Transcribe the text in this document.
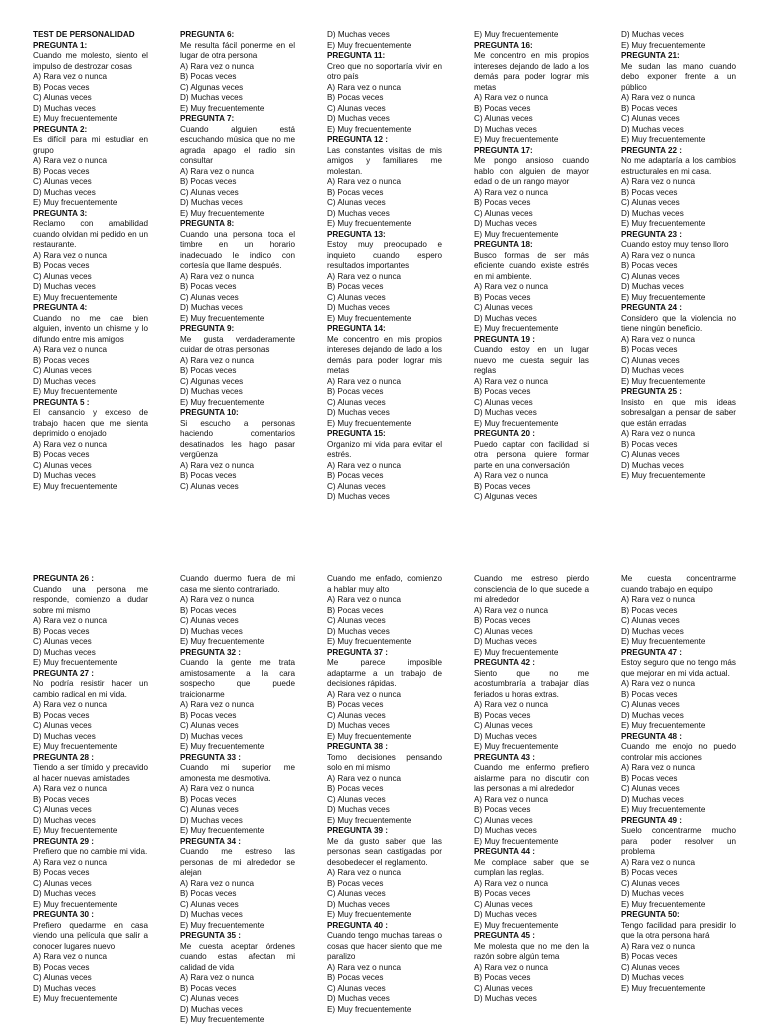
TEST DE PERSONALIDAD
PREGUNTA 1:
Cuando me molesto, siento el impulso de destrozar cosas
A) Rara vez o nunca
B) Pocas veces
C) Alunas veces
D) Muchas veces
E) Muy frecuentemente
PREGUNTA 2:
Es difícil para mi estudiar en grupo
A) Rara vez o nunca
B) Pocas veces
C) Alunas veces
D) Muchas veces
E) Muy frecuentemente
PREGUNTA 3:
Reclamo con amabilidad cuando olvidan mi pedido en un restaurante.
A) Rara vez o nunca
B) Pocas veces
C) Alunas veces
D) Muchas veces
E) Muy frecuentemente
PREGUNTA 4:
Cuando no me cae bien alguien, invento un chisme y lo difundo entre mis amigos
A) Rara vez o nunca
B) Pocas veces
C) Alunas veces
D) Muchas veces
E) Muy frecuentemente
PREGUNTA 5 :
El cansancio y exceso de trabajo hacen que me sienta deprimido o enojado
A) Rara vez o nunca
B) Pocas veces
C) Alunas veces
D) Muchas veces
E) Muy frecuentemente
PREGUNTA 6:
Me resulta fácil ponerme en el lugar de otra persona
A) Rara vez o nunca
B) Pocas veces
C) Algunas veces
D) Muchas veces
E) Muy frecuentemente
PREGUNTA 7:
Cuando alguien está escuchando música que no me agrada apago el radio sin consultar
A) Rara vez o nunca
B) Pocas veces
C) Alunas veces
D) Muchas veces
E) Muy frecuentemente
PREGUNTA 8:
Cuando una persona toca el timbre en un horario inadecuado le indico con cortesía que llame después.
A) Rara vez o nunca
B) Pocas veces
C) Alunas veces
D) Muchas veces
E) Muy frecuentemente
PREGUNTA 9:
Me gusta verdaderamente cuidar de otras personas
A) Rara vez o nunca
B) Pocas veces
C) Algunas veces
D) Muchas veces
E) Muy frecuentemente
PREGUNTA 10:
Si escucho a personas haciendo comentarios desatinados les hago pasar vergüenza
A) Rara vez o nunca
B) Pocas veces
C) Alunas veces
D) Muchas veces
E) Muy frecuentemente
PREGUNTA 11:
Creo que no soportaría vivir en otro país
A) Rara vez o nunca
B) Pocas veces
C) Alunas veces
D) Muchas veces
E) Muy frecuentemente
PREGUNTA 12 :
Las constantes visitas de mis amigos y familiares me molestan.
A) Rara vez o nunca
B) Pocas veces
C) Alunas veces
D) Muchas veces
E) Muy frecuentemente
PREGUNTA 13:
Estoy muy preocupado e inquieto cuando espero resultados importantes
A) Rara vez o nunca
B) Pocas veces
C) Alunas veces
D) Muchas veces
E) Muy frecuentemente
PREGUNTA 14:
Me concentro en mis propios intereses dejando de lado a los demás para poder lograr mis metas
A) Rara vez o nunca
B) Pocas veces
C) Alunas veces
D) Muchas veces
E) Muy frecuentemente
PREGUNTA 15:
Organizo mi vida para evitar el estrés.
A) Rara vez o nunca
B) Pocas veces
C) Alunas veces
D) Muchas veces
E) Muy frecuentemente
PREGUNTA 16:
Me concentro en mis propios intereses dejando de lado a los demás para poder lograr mis metas
A) Rara vez o nunca
B) Pocas veces
C) Alunas veces
D) Muchas veces
E) Muy frecuentemente
PREGUNTA 17:
Me pongo ansioso cuando hablo con alguien de mayor edad o de un rango mayor
A) Rara vez o nunca
B) Pocas veces
C) Alunas veces
D) Muchas veces
E) Muy frecuentemente
PREGUNTA 18:
Busco formas de ser más eficiente cuando existe estrés en mi ambiente.
A) Rara vez o nunca
B) Pocas veces
C) Alunas veces
D) Muchas veces
E) Muy frecuentemente
PREGUNTA 19 :
Cuando estoy en un lugar nuevo me cuesta seguir las reglas
A) Rara vez o nunca
B) Pocas veces
C) Alunas veces
D) Muchas veces
E) Muy frecuentemente
PREGUNTA 20 :
Puedo captar con facilidad si otra persona quiere formar parte en una conversación
A) Rara vez o nunca
B) Pocas veces
C) Algunas veces
D) Muchas veces
E) Muy frecuentemente
PREGUNTA 21:
Me sudan las mano cuando debo exponer frente a un público
A) Rara vez o nunca
B) Pocas veces
C) Alunas veces
D) Muchas veces
E) Muy frecuentemente
PREGUNTA 22 :
No me adaptaría a los cambios estructurales en mi casa.
A) Rara vez o nunca
B) Pocas veces
C) Alunas veces
D) Muchas veces
E) Muy frecuentemente
PREGUNTA 23 :
Cuando estoy muy tenso lloro
A) Rara vez o nunca
B) Pocas veces
C) Alunas veces
D) Muchas veces
E) Muy frecuentemente
PREGUNTA 24 :
Considero que la violencia no tiene ningún beneficio.
A) Rara vez o nunca
B) Pocas veces
C) Alunas veces
D) Muchas veces
E) Muy frecuentemente
PREGUNTA 25 :
Insisto en que mis ideas sobresalgan a pensar de saber que están erradas
A) Rara vez o nunca
B) Pocas veces
C) Alunas veces
D) Muchas veces
E) Muy frecuentemente
PREGUNTA 26 :
Cuando una persona me responde, comienzo a dudar sobre mi mismo
A) Rara vez o nunca
B) Pocas veces
C) Alunas veces
D) Muchas veces
E) Muy frecuentemente
PREGUNTA 27 :
No podría resistir hacer un cambio radical en mi vida.
A) Rara vez o nunca
B) Pocas veces
C) Alunas veces
D) Muchas veces
E) Muy frecuentemente
PREGUNTA 28 :
Tiendo a ser tímido y precavido al hacer nuevas amistades
A) Rara vez o nunca
B) Pocas veces
C) Alunas veces
D) Muchas veces
E) Muy frecuentemente
PREGUNTA 29 :
Prefiero que no cambie mi vida.
A) Rara vez o nunca
B) Pocas veces
C) Alunas veces
D) Muchas veces
E) Muy frecuentemente
PREGUNTA 30 :
Prefiero quedarme en casa viendo una película que salir a conocer lugares nuevo
A) Rara vez o nunca
B) Pocas veces
C) Alunas veces
D) Muchas veces
E) Muy frecuentemente
Cuando duermo fuera de mi casa me siento contrariado.
A) Rara vez o nunca
B) Pocas veces
C) Alunas veces
D) Muchas veces
E) Muy frecuentemente
PREGUNTA 32 :
Cuando la gente me trata amistosamente a la cara sospecho que puede traicionarme
A) Rara vez o nunca
B) Pocas veces
C) Alunas veces
D) Muchas veces
E) Muy frecuentemente
PREGUNTA 33 :
Cuando mi superior me amonesta me desmotiva.
A) Rara vez o nunca
B) Pocas veces
C) Alunas veces
D) Muchas veces
E) Muy frecuentemente
PREGUNTA 34 :
Cuando me estreso las personas de mi alrededor se alejan
A) Rara vez o nunca
B) Pocas veces
C) Alunas veces
D) Muchas veces
E) Muy frecuentemente
PREGUNTA 35 :
Me cuesta aceptar órdenes cuando estas afectan mi calidad de vida
A) Rara vez o nunca
B) Pocas veces
C) Alunas veces
D) Muchas veces
E) Muy frecuentemente
Cuando me enfado, comienzo a hablar muy alto
A) Rara vez o nunca
B) Pocas veces
C) Alunas veces
D) Muchas veces
E) Muy frecuentemente
PREGUNTA 37 :
Me parece imposible adaptarme a un trabajo de decisiones rápidas.
A) Rara vez o nunca
B) Pocas veces
C) Alunas veces
D) Muchas veces
E) Muy frecuentemente
PREGUNTA 38 :
Tomo decisiones pensando solo en mi mismo
A) Rara vez o nunca
B) Pocas veces
C) Alunas veces
D) Muchas veces
E) Muy frecuentemente
PREGUNTA 39 :
Me da gusto saber que las personas sean castigadas por desobedecer el reglamento.
A) Rara vez o nunca
B) Pocas veces
C) Alunas veces
D) Muchas veces
E) Muy frecuentemente
PREGUNTA 40 :
Cuando tengo muchas tareas o cosas que hacer siento que me paralizo
A) Rara vez o nunca
B) Pocas veces
C) Alunas veces
D) Muchas veces
E) Muy frecuentemente
Cuando me estreso pierdo consciencia de lo que sucede a mi alrededor
A) Rara vez o nunca
B) Pocas veces
C) Alunas veces
D) Muchas veces
E) Muy frecuentemente
PREGUNTA 42 :
Siento que no me acostumbraría a trabajar días feriados u horas extras.
A) Rara vez o nunca
B) Pocas veces
C) Alunas veces
D) Muchas veces
E) Muy frecuentemente
PREGUNTA 43 :
Cuando me enfermo prefiero aislarme para no discutir con las personas a mi alrededor
A) Rara vez o nunca
B) Pocas veces
C) Alunas veces
D) Muchas veces
E) Muy frecuentemente
PREGUNTA 44 :
Me complace saber que se cumplan las reglas.
A) Rara vez o nunca
B) Pocas veces
C) Alunas veces
D) Muchas veces
E) Muy frecuentemente
PREGUNTA 45 :
Me molesta que no me den la razón sobre algún tema
A) Rara vez o nunca
B) Pocas veces
C) Alunas veces
D) Muchas veces
Me cuesta concentrarme cuando trabajo en equipo
A) Rara vez o nunca
B) Pocas veces
C) Alunas veces
D) Muchas veces
E) Muy frecuentemente
PREGUNTA 47 :
Estoy seguro que no tengo más que mejorar en mi vida actual.
A) Rara vez o nunca
B) Pocas veces
C) Alunas veces
D) Muchas veces
E) Muy frecuentemente
PREGUNTA 48 :
Cuando me enojo no puedo controlar mis acciones
A) Rara vez o nunca
B) Pocas veces
C) Alunas veces
D) Muchas veces
E) Muy frecuentemente
PREGUNTA 49 :
Suelo concentrarme mucho para poder resolver un problema
A) Rara vez o nunca
B) Pocas veces
C) Alunas veces
D) Muchas veces
E) Muy frecuentemente
PREGUNTA 50:
Tengo facilidad para presidir lo que la otra persona hará
A) Rara vez o nunca
B) Pocas veces
C) Alunas veces
D) Muchas veces
E) Muy frecuentemente
